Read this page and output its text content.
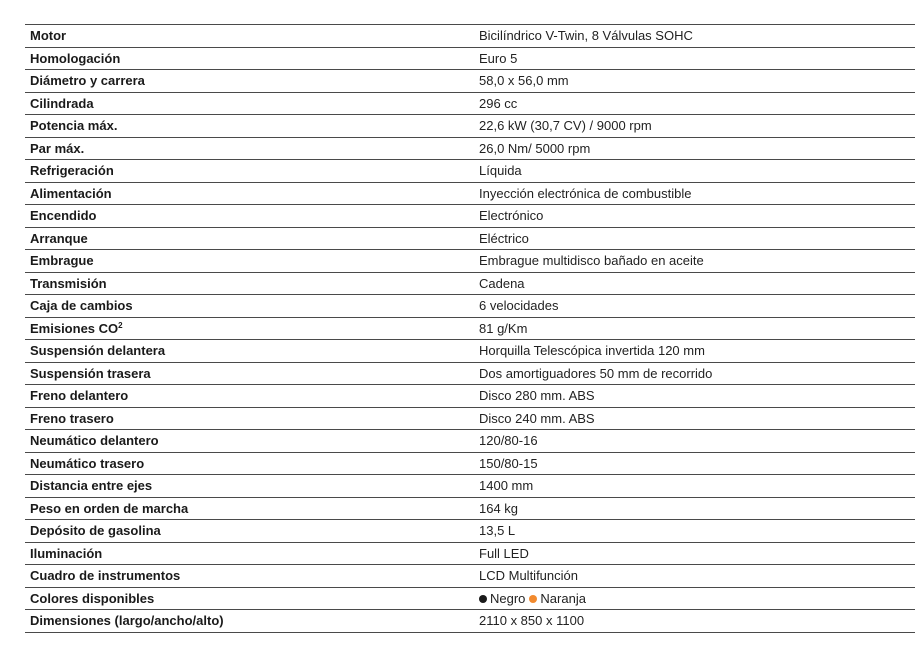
Motor	Bicilíndrico V-Twin, 8 Válvulas SOHC
Homologación	Euro 5
Diámetro y carrera	58,0 x 56,0 mm
Cilindrada	296 cc
Potencia máx.	22,6 kW (30,7 CV) / 9000 rpm
Par máx.	26,0 Nm/ 5000 rpm
Refrigeración	Líquida
Alimentación	Inyección electrónica de combustible
Encendido	Electrónico
Arranque	Eléctrico
Embrague	Embrague multidisco bañado en aceite
Transmisión	Cadena
Caja de cambios	6 velocidades
Emisiones $CO^2$	81 g/Km
Suspensión delantera	Horquilla Telescópica invertida 120 mm
Suspensión trasera	Dos amortiguadores 50 mm de recorrido
Freno delantero	Disco 280 mm. ABS
Freno trasero	Disco 240 mm. ABS
Neumático delantero	120/80-16
Neumático trasero	150/80-15
Distancia entre ejes	1400 mm
Peso en orden de marcha	164 kg
Depósito de gasolina	13,5 L
Iluminación	Full LED
Cuadro de instrumentos	LCD Multifunción
Colores disponibles	Negro Naranja
Dimensiones (largo/ancho/alto)	2110 x 850 x 1100
